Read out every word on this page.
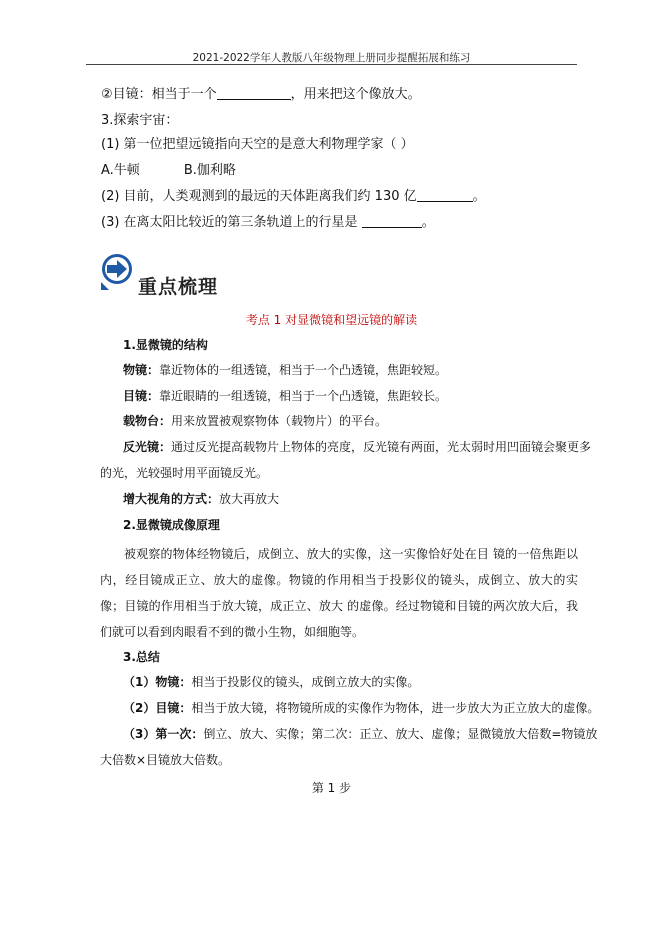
2021-2022学年人教版八年级物理上册同步提醒拓展和练习
②目镜：相当于一个	，用来把这个像放大。
3.探索宇宙：
(1) 第一位把望远镜指向天空的是意大利物理学家（ ）
A.牛顿	B.伽利略
(2) 目前，人类观测到的最远的天体距离我们约 130 亿	。
(3) 在离太阳比较近的第三条轨道上的行星是	。
重点梳理
考点 1 对显微镜和望远镜的解读
1.显微镜的结构
物镜：靠近物体的一组透镜，相当于一个凸透镜，焦距较短。
目镜：靠近眼睛的一组透镜，相当于一个凸透镜，焦距较长。
载物台：用来放置被观察物体（载物片）的平台。
反光镜：通过反光提高载物片上物体的亮度，反光镜有两面，光太弱时用凹面镜会聚更多
的光，光较强时用平面镜反光。
增大视角的方式：放大再放大
2.显微镜成像原理
被观察的物体经物镜后，成倒立、放大的实像，这一实像恰好处在目 镜的一倍焦距以内，经目镜成正立、放大的虚像。物镜的作用相当于投影仪的镜头，成倒立、放大的实像；目镜的作用相当于放大镜，成正立、放大 的虚像。经过物镜和目镜的两次放大后，我们就可以看到肉眼看不到的微小生物，如细胞等。
3.总结
（1）物镜：相当于投影仪的镜头，成倒立放大的实像。
（2）目镜：相当于放大镜，将物镜所成的实像作为物体，进一步放大为正立放大的虚像。
（3）第一次：倒立、放大、实像；第二次：正立、放大、虚像；显微镜放大倍数=物镜放
大倍数×目镜放大倍数。
第 1 步
